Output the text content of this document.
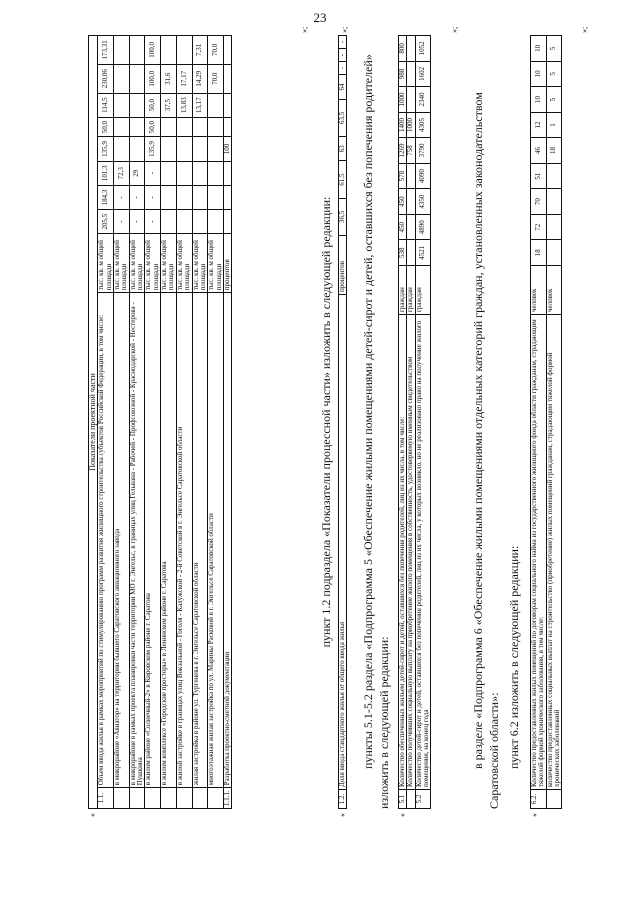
23
«
Показатели проектной части										
1.1.	Объем ввода жилья в рамках мероприятий по стимулированию программ развития жилищного строительства субъектов Российской Федерации, в том числе:	тыс. кв. м общей площади	205,5	184,3	101,3	135,9	50,0	114,5	230,06	173,31
	в микрорайоне «Авиатор» на территории бывшего Саратовского авиационного завода	тыс. кв. м общей площади	-	-	72,3					
	в микрорайоне в рамках проекта планировки части территории МО г. Энгельс, в границах улиц Гельвана - Рабочей - Профсоюзной - Краснодарской - Нестерова - Пушкина	тыс. кв. м общей площади	-	-	29					
	в жилом районе «Солнечный-2» в Кировском районе г. Саратова	тыс. кв. м общей площади	-	-	-	135,9	50,0	50,0	100,0	100,0
	в жилом комплексе «Городские просторы» в Ленинском районе г. Саратова	тыс. кв. м общей площади						37,5	31,6	
	в жилой застройке в границах улиц Вокзальной - Гоголя - Калужской - 2-й Советской в г. Энгельсе Саратовской области	тыс. кв. м общей площади						13,83	17,17	
	жилая застройка в районе ул. Тургенева в г. Энгельсе Саратовской области	тыс. кв. м общей площади						13,17	14,29	7,31
	многоэтажная жилая застройка по ул. Марины Расковой в г. Энгельсе Саратовской области	тыс. кв. м общей площади							70,0	70,0
1.1.1.	Разработка проектно-сметной документации	процентов				100				
»;

пункт 1.2 подраздела «Показатели процессной части» изложить в следующей редакции:

«
1.2.	Доля ввода стандартного жилья от общего ввода жилья	процентов	36,5	61,5	63	63,5	64	-	-	-
»;

пункты 5.1-5.2 раздела «Подпрограмма 5 «Обеспечение жилыми помещениями детей-сирот и детей, оставшихся без попечения родителей» изложить в следующей редакции:

«
5.1	Количество обеспеченных жильем детей-сирот и детей, оставшихся без попечения родителей, лиц из их числа, в том числе:	граждан	538	450	450	578	1269	1400	1000	988	800
	Количество получивших социальную выплату на приобретение жилого помещения в собственность, удостоверяемую именным свидетельством	граждан					758	1000			
5.2	Количество детей-сирот и детей, оставшихся без попечения родителей, лиц из их числа, у которых возникло, но не реализовано право на получение жилого помещения, на конец года	граждан	4521	4890	4350	4090	3790	4305	2340	1602	1052
»;

в разделе «Подпрограмма 6 «Обеспечение жилыми помещениями отдельных категорий граждан, установленных законодательством Саратовской области»: пункт 6.2 изложить в следующей редакции:

«
6.2.	Количество предоставленных жилых помещений по договорам социального найма из государственного жилищного фонда области гражданам, страдающим тяжелой формой хронического заболевания, в том числе:	человек	18	72	70	51	46	12	10	10	10
	количество предоставленных социальных выплат на строительство (приобретение) жилых помещений гражданам, страдающим тяжелой формой хронических заболеваний	человек					18	1	5	5	5
»;
